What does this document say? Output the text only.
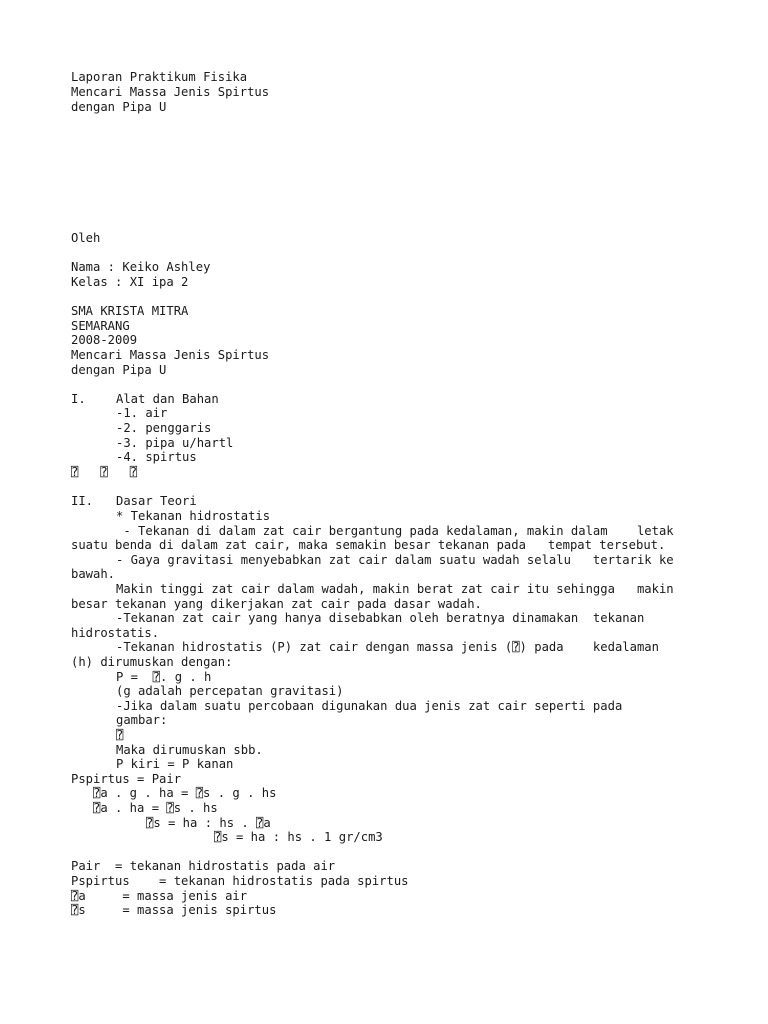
Laporan Praktikum Fisika
Mencari Massa Jenis Spirtus
dengan Pipa U
Oleh
Nama : Keiko Ashley
Kelas : XI ipa 2
SMA KRISTA MITRA
SEMARANG
2008-2009
Mencari Massa Jenis Spirtus
dengan Pipa U
I. Alat dan Bahan
-1. air
-2. penggaris
-3. pipa u/hartl
-4. spirtus
⍰   ⍰   ⍰
II. Dasar Teori
* Tekanan hidrostatis
- Tekanan di dalam zat cair bergantung pada kedalaman, makin dalam    letak
suatu benda di dalam zat cair, maka semakin besar tekanan pada   tempat tersebut.
- Gaya gravitasi menyebabkan zat cair dalam suatu wadah selalu   tertarik ke
bawah.
Makin tinggi zat cair dalam wadah, makin berat zat cair itu sehingga   makin
besar tekanan yang dikerjakan zat cair pada dasar wadah.
-Tekanan zat cair yang hanya disebabkan oleh beratnya dinamakan  tekanan
hidrostatis.
-Tekanan hidrostatis (P) zat cair dengan massa jenis (⍰) pada    kedalaman
(h) dirumuskan dengan:
P =  ⍰. g . h
(g adalah percepatan gravitasi)
-Jika dalam suatu percobaan digunakan dua jenis zat cair seperti pada
gambar:
⍰
Maka dirumuskan sbb.
P kiri = P kanan
Pspirtus = Pair
⍰a . g . ha = ⍰s . g . hs
⍰a . ha = ⍰s . hs
⍰s = ha : hs . ⍰a
⍰s = ha : hs . 1 gr/cm3
Pair  = tekanan hidrostatis pada air
Pspirtus    = tekanan hidrostatis pada spirtus
⍰a     = massa jenis air
⍰s     = massa jenis spirtus
